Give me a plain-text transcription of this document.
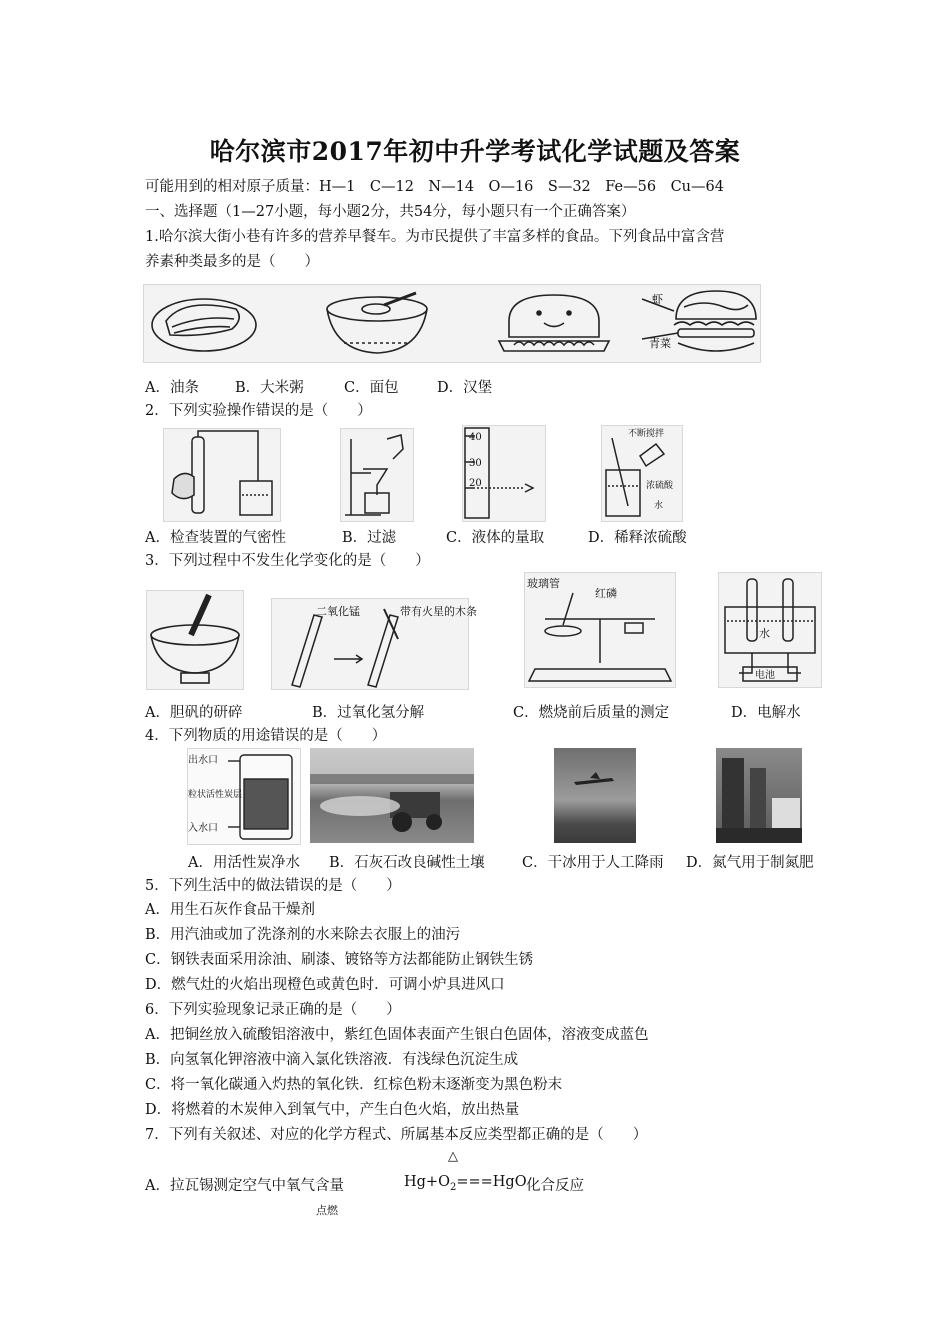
哈尔滨市2017年初中升学考试化学试题及答案
可能用到的相对原子质量：H—1　C—12　N—14　O—16　S—32　Fe—56　Cu—64
一、选择题（1—27小题，每小题2分，共54分，每小题只有一个正确答案）
1.哈尔滨大街小巷有许多的营养早餐车。为市民提供了丰富多样的食品。下列食品中富含营
养素种类最多的是（　　）
虾
青菜
A．油条 B．大米粥	C．面包	D．汉堡
2．下列实验操作错误的是（　　）
40
30
20
不断搅拌
浓硫酸
水
A．检查装置的气密性	B．过滤	C．液体的量取	D．稀释浓硫酸
3．下列过程中不发生化学变化的是（　　）
二氧化锰	带有火星的木条
玻璃管
红磷
水
电池
A．胆矾的研碎	B．过氧化氢分解	C．燃烧前后质量的测定	D．电解水
4．下列物质的用途错误的是（　　）
出水口
粒状活性炭层
入水口
A．用活性炭净水 B．石灰石改良碱性土壤	C．干冰用于人工降雨 D．氮气用于制氮肥
5．下列生活中的做法错误的是（　　）
A．用生石灰作食品干燥剂
B．用汽油或加了洗涤剂的水来除去衣服上的油污
C．钢铁表面采用涂油、刷漆、镀铬等方法都能防止钢铁生锈
D．燃气灶的火焰出现橙色或黄色时．可调小炉具进风口
6．下列实验现象记录正确的是（　　）
A．把铜丝放入硫酸铝溶液中，紫红色固体表面产生银白色固体，溶液变成蓝色
B．向氢氧化钾溶液中滴入氯化铁溶液．有浅绿色沉淀生成
C．将一氧化碳通入灼热的氧化铁．红棕色粉末逐渐变为黑色粉末
D．将燃着的木炭伸入到氧气中，产生白色火焰，放出热量
7．下列有关叙述、对应的化学方程式、所属基本反应类型都正确的是（　　）
△
A．拉瓦锡测定空气中氧气含量	$Hg+O_2===HgO$ 化合反应
点燃
